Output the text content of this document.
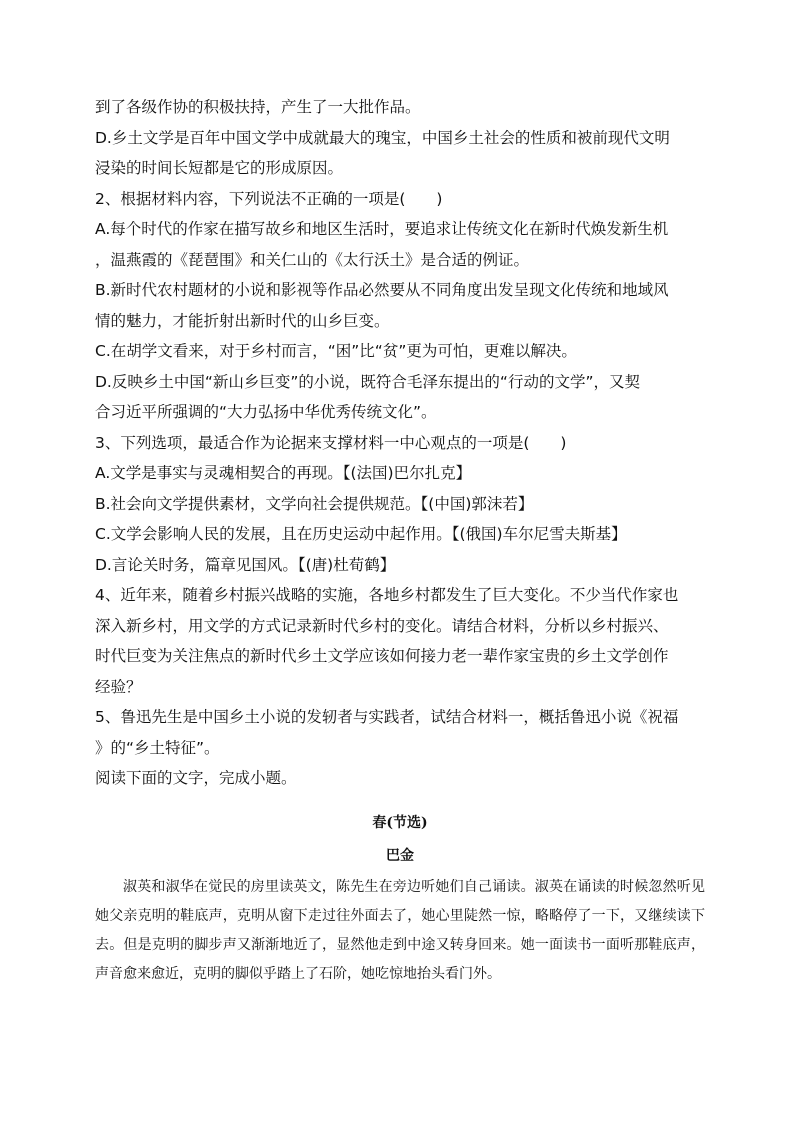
到了各级作协的积极扶持，产生了一大批作品。

D.乡土文学是百年中国文学中成就最大的瑰宝，中国乡土社会的性质和被前现代文明

浸染的时间长短都是它的形成原因。

2、根据材料内容，下列说法不正确的一项是(　　)

A.每个时代的作家在描写故乡和地区生活时，要追求让传统文化在新时代焕发新生机

，温燕霞的《琵琶围》和关仁山的《太行沃土》是合适的例证。

B.新时代农村题材的小说和影视等作品必然要从不同角度出发呈现文化传统和地域风

情的魅力，才能折射出新时代的山乡巨变。

C.在胡学文看来，对于乡村而言，“困”比“贫”更为可怕，更难以解决。

D.反映乡土中国“新山乡巨变”的小说，既符合毛泽东提出的“行动的文学”，又契

合习近平所强调的“大力弘扬中华优秀传统文化”。

3、下列选项，最适合作为论据来支撑材料一中心观点的一项是(　　)

A.文学是事实与灵魂相契合的再现。【(法国)巴尔扎克】

B.社会向文学提供素材，文学向社会提供规范。【(中国)郭沫若】

C.文学会影响人民的发展，且在历史运动中起作用。【(俄国)车尔尼雪夫斯基】

D.言论关时务，篇章见国风。【(唐)杜荀鹤】

4、近年来，随着乡村振兴战略的实施，各地乡村都发生了巨大变化。不少当代作家也

深入新乡村，用文学的方式记录新时代乡村的变化。请结合材料，分析以乡村振兴、

时代巨变为关注焦点的新时代乡土文学应该如何接力老一辈作家宝贵的乡土文学创作

经验？

5、鲁迅先生是中国乡土小说的发轫者与实践者，试结合材料一，概括鲁迅小说《祝福

》的“乡土特征”。

阅读下面的文字，完成小题。

春(节选)
巴金

淑英和淑华在觉民的房里读英文，陈先生在旁边听她们自己诵读。淑英在诵读的时候忽然听见她父亲克明的鞋底声，克明从窗下走过往外面去了，她心里陡然一惊，略略停了一下，又继续读下去。但是克明的脚步声又渐渐地近了，显然他走到中途又转身回来。她一面读书一面听那鞋底声，声音愈来愈近，克明的脚似乎踏上了石阶，她吃惊地抬头看门外。
